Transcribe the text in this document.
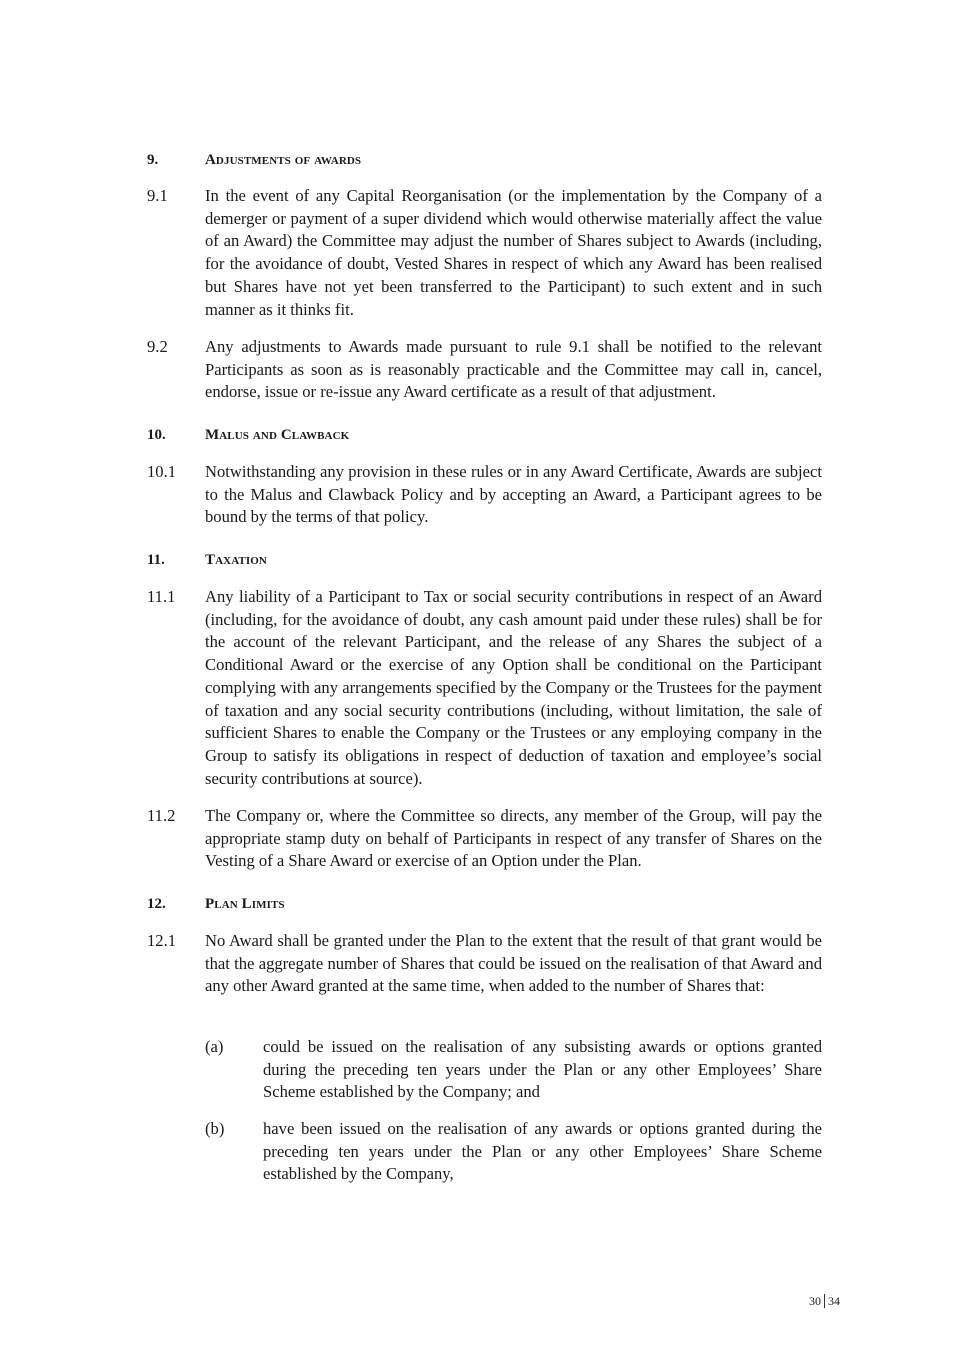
9.	Adjustments of awards
9.1 In the event of any Capital Reorganisation (or the implementation by the Company of a demerger or payment of a super dividend which would otherwise materially affect the value of an Award) the Committee may adjust the number of Shares subject to Awards (including, for the avoidance of doubt, Vested Shares in respect of which any Award has been realised but Shares have not yet been transferred to the Participant) to such extent and in such manner as it thinks fit.

9.2 Any adjustments to Awards made pursuant to rule 9.1 shall be notified to the relevant Participants as soon as is reasonably practicable and the Committee may call in, cancel, endorse, issue or re-issue any Award certificate as a result of that adjustment.

10.	Malus and Clawback
10.1 Notwithstanding any provision in these rules or in any Award Certificate, Awards are subject to the Malus and Clawback Policy and by accepting an Award, a Participant agrees to be bound by the terms of that policy.

11.	Taxation
11.1 Any liability of a Participant to Tax or social security contributions in respect of an Award (including, for the avoidance of doubt, any cash amount paid under these rules) shall be for the account of the relevant Participant, and the release of any Shares the subject of a Conditional Award or the exercise of any Option shall be conditional on the Participant complying with any arrangements specified by the Company or the Trustees for the payment of taxation and any social security contributions (including, without limitation, the sale of sufficient Shares to enable the Company or the Trustees or any employing company in the Group to satisfy its obligations in respect of deduction of taxation and employee’s social security contributions at source).

11.2 The Company or, where the Committee so directs, any member of the Group, will pay the appropriate stamp duty on behalf of Participants in respect of any transfer of Shares on the Vesting of a Share Award or exercise of an Option under the Plan.

12.	Plan Limits
12.1 No Award shall be granted under the Plan to the extent that the result of that grant would be that the aggregate number of Shares that could be issued on the realisation of that Award and any other Award granted at the same time, when added to the number of Shares that:

(a) could be issued on the realisation of any subsisting awards or options granted during the preceding ten years under the Plan or any other Employees’ Share Scheme established by the Company; and

(b) have been issued on the realisation of any awards or options granted during the preceding ten years under the Plan or any other Employees’ Share Scheme established by the Company,

30 34
